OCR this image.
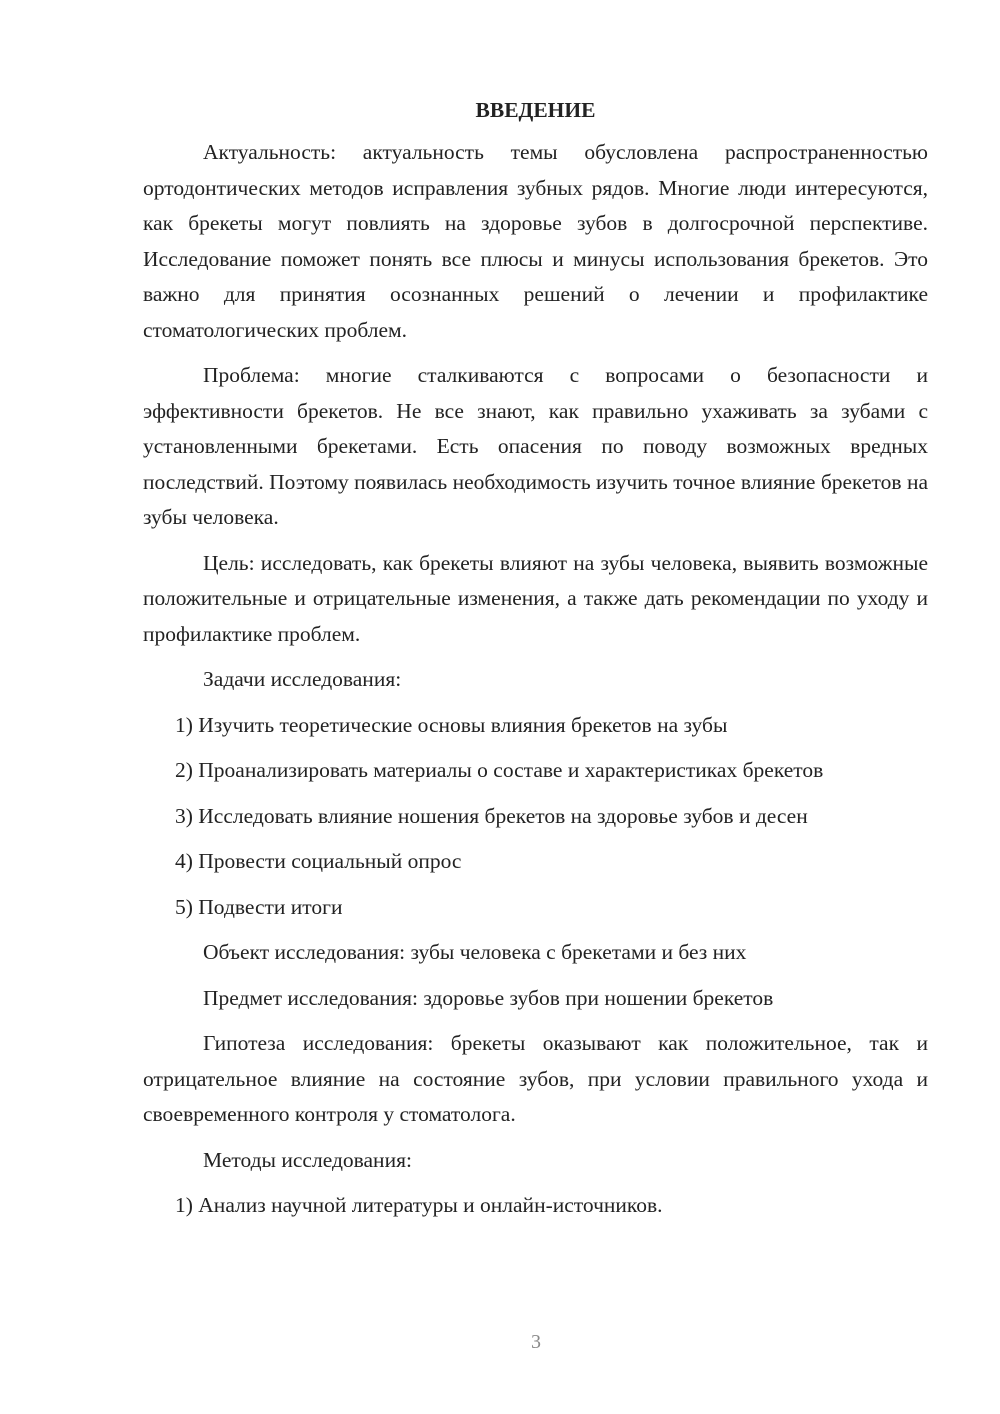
ВВЕДЕНИЕ

Актуальность: актуальность темы обусловлена распространенностью ортодонтических методов исправления зубных рядов. Многие люди интересуются, как брекеты могут повлиять на здоровье зубов в долгосрочной перспективе. Исследование поможет понять все плюсы и минусы использования брекетов. Это важно для принятия осознанных решений о лечении и профилактике стоматологических проблем.

Проблема: многие сталкиваются с вопросами о безопасности и эффективности брекетов. Не все знают, как правильно ухаживать за зубами с установленными брекетами. Есть опасения по поводу возможных вредных последствий. Поэтому появилась необходимость изучить точное влияние брекетов на зубы человека.

Цель: исследовать, как брекеты влияют на зубы человека, выявить возможные положительные и отрицательные изменения, а также дать рекомендации по уходу и профилактике проблем.

Задачи исследования:

1) Изучить теоретические основы влияния брекетов на зубы

2) Проанализировать материалы о составе и характеристиках брекетов

3) Исследовать влияние ношения брекетов на здоровье зубов и десен

4) Провести социальный опрос

5) Подвести итоги

Объект исследования: зубы человека с брекетами и без них

Предмет исследования: здоровье зубов при ношении брекетов

Гипотеза исследования: брекеты оказывают как положительное, так и отрицательное влияние на состояние зубов, при условии правильного ухода и своевременного контроля у стоматолога.

Методы исследования:

1) Анализ научной литературы и онлайн-источников.

3
